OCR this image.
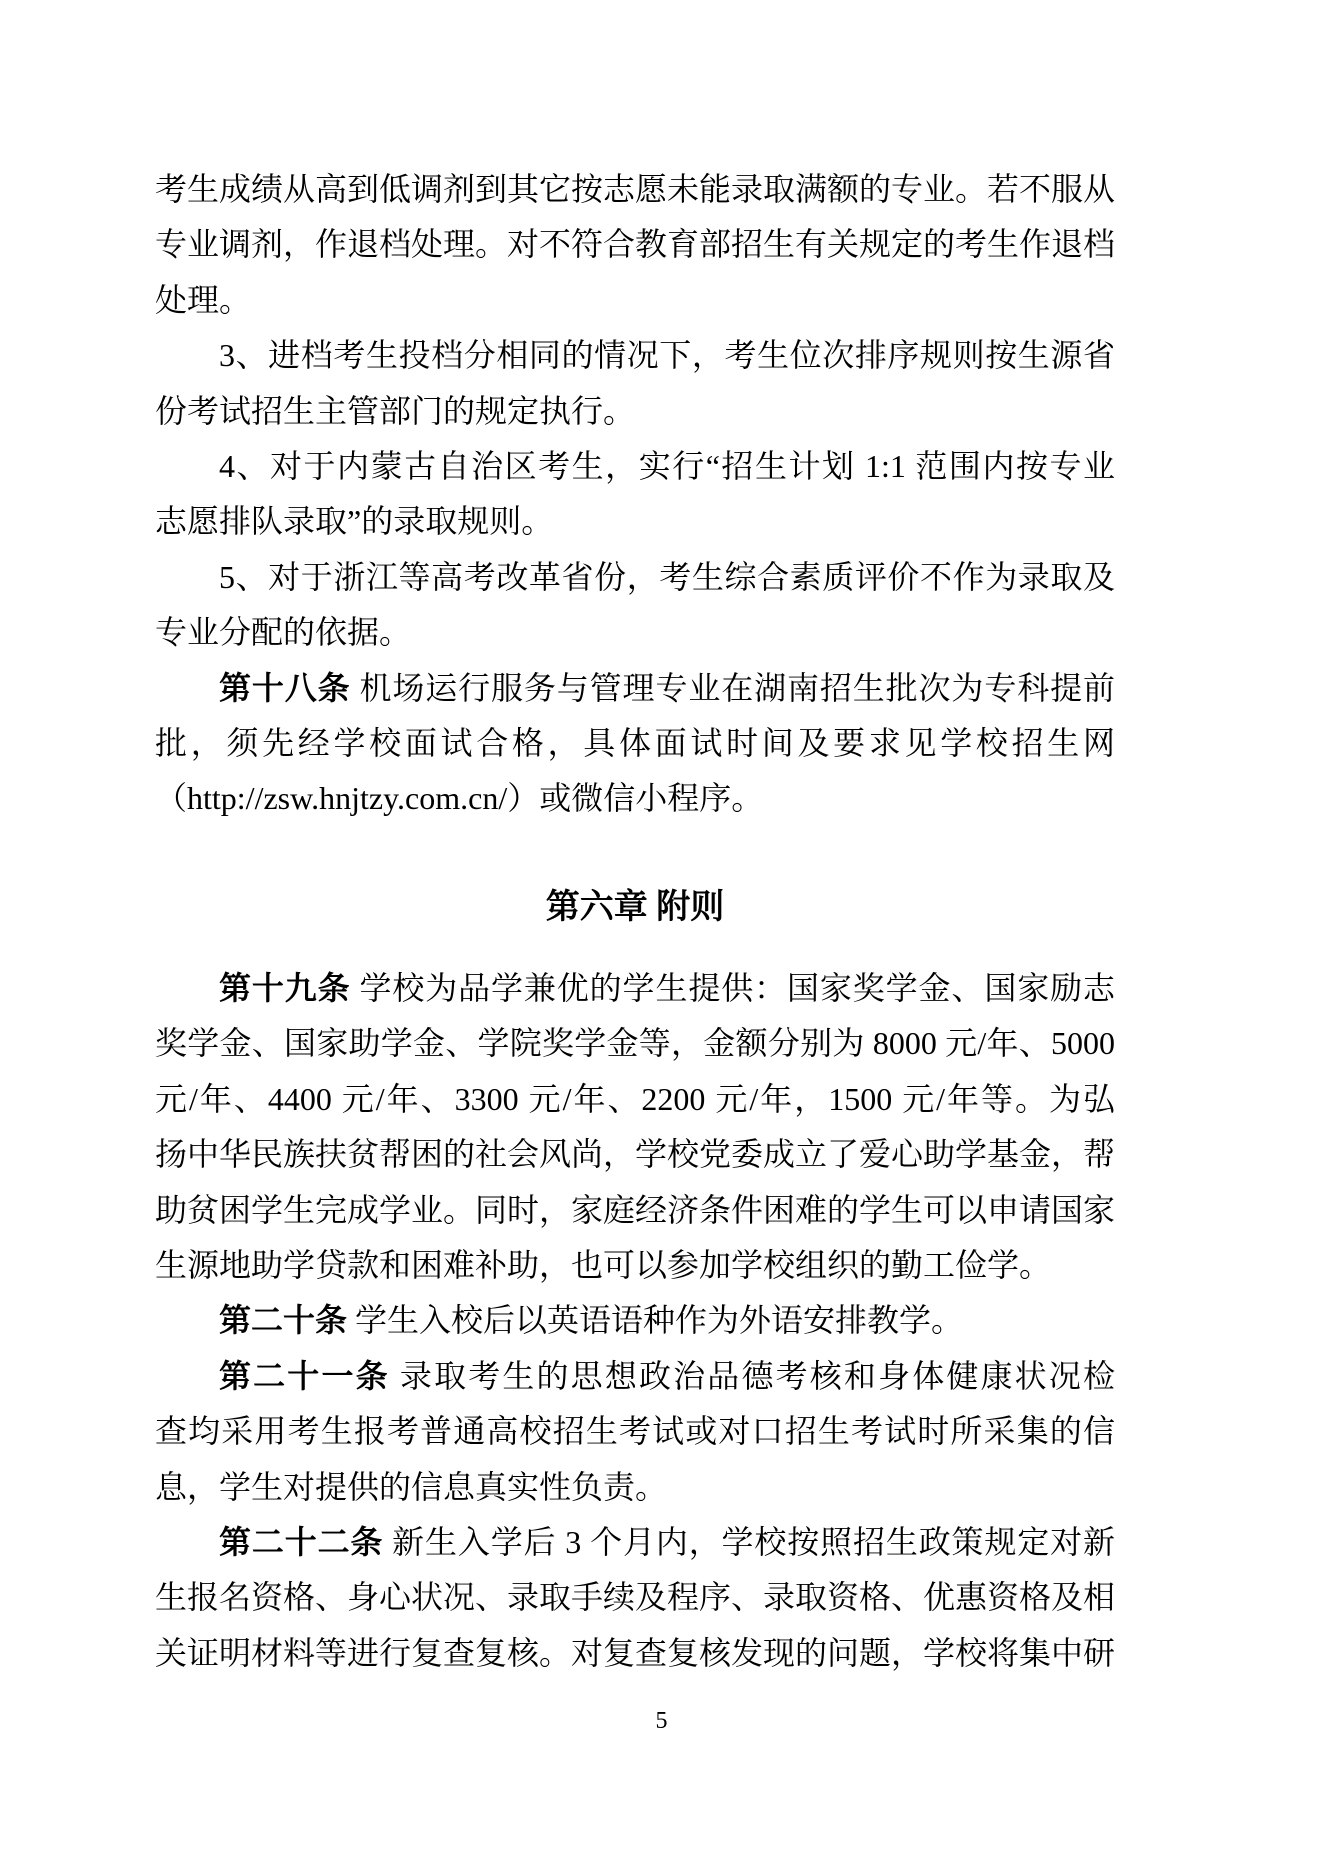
考生成绩从高到低调剂到其它按志愿未能录取满额的专业。若不服从
专业调剂，作退档处理。对不符合教育部招生有关规定的考生作退档
处理。
3、进档考生投档分相同的情况下，考生位次排序规则按生源省
份考试招生主管部门的规定执行。
4、对于内蒙古自治区考生，实行“招生计划 1:1 范围内按专业
志愿排队录取”的录取规则。
5、对于浙江等高考改革省份，考生综合素质评价不作为录取及
专业分配的依据。
第十八条 机场运行服务与管理专业在湖南招生批次为专科提前
批，须先经学校面试合格，具体面试时间及要求见学校招生网
（http://zsw.hnjtzy.com.cn/）或微信小程序。
第六章 附则
第十九条 学校为品学兼优的学生提供：国家奖学金、国家励志
奖学金、国家助学金、学院奖学金等，金额分别为 8000 元/年、5000
元/年、4400 元/年、3300 元/年、2200 元/年，1500 元/年等。为弘
扬中华民族扶贫帮困的社会风尚，学校党委成立了爱心助学基金，帮
助贫困学生完成学业。同时，家庭经济条件困难的学生可以申请国家
生源地助学贷款和困难补助，也可以参加学校组织的勤工俭学。
第二十条 学生入校后以英语语种作为外语安排教学。
第二十一条 录取考生的思想政治品德考核和身体健康状况检
查均采用考生报考普通高校招生考试或对口招生考试时所采集的信
息，学生对提供的信息真实性负责。
第二十二条 新生入学后 3 个月内，学校按照招生政策规定对新
生报名资格、身心状况、录取手续及程序、录取资格、优惠资格及相
关证明材料等进行复查复核。对复查复核发现的问题，学校将集中研
5
